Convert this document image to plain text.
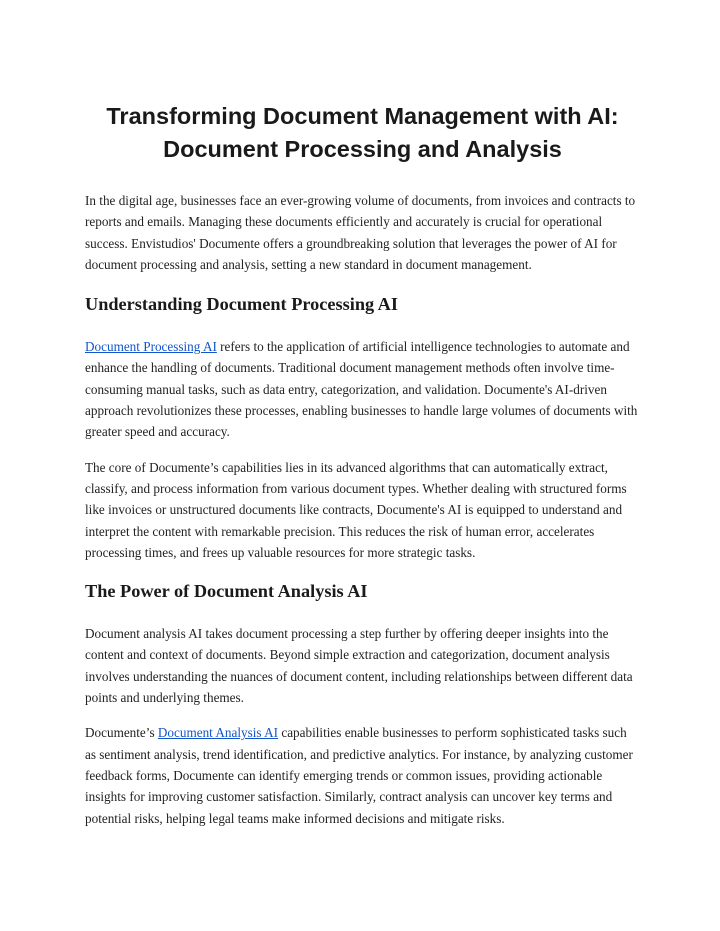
Transforming Document Management with AI:
Document Processing and Analysis

In the digital age, businesses face an ever-growing volume of documents, from invoices and contracts to reports and emails. Managing these documents efficiently and accurately is crucial for operational success. Envistudios' Documente offers a groundbreaking solution that leverages the power of AI for document processing and analysis, setting a new standard in document management.

Understanding Document Processing AI

Document Processing AI refers to the application of artificial intelligence technologies to automate and enhance the handling of documents. Traditional document management methods often involve time-consuming manual tasks, such as data entry, categorization, and validation. Documente's AI-driven approach revolutionizes these processes, enabling businesses to handle large volumes of documents with greater speed and accuracy.

The core of Documente’s capabilities lies in its advanced algorithms that can automatically extract, classify, and process information from various document types. Whether dealing with structured forms like invoices or unstructured documents like contracts, Documente's AI is equipped to understand and interpret the content with remarkable precision. This reduces the risk of human error, accelerates processing times, and frees up valuable resources for more strategic tasks.

The Power of Document Analysis AI

Document analysis AI takes document processing a step further by offering deeper insights into the content and context of documents. Beyond simple extraction and categorization, document analysis involves understanding the nuances of document content, including relationships between different data points and underlying themes.

Documente’s Document Analysis AI capabilities enable businesses to perform sophisticated tasks such as sentiment analysis, trend identification, and predictive analytics. For instance, by analyzing customer feedback forms, Documente can identify emerging trends or common issues, providing actionable insights for improving customer satisfaction. Similarly, contract analysis can uncover key terms and potential risks, helping legal teams make informed decisions and mitigate risks.
